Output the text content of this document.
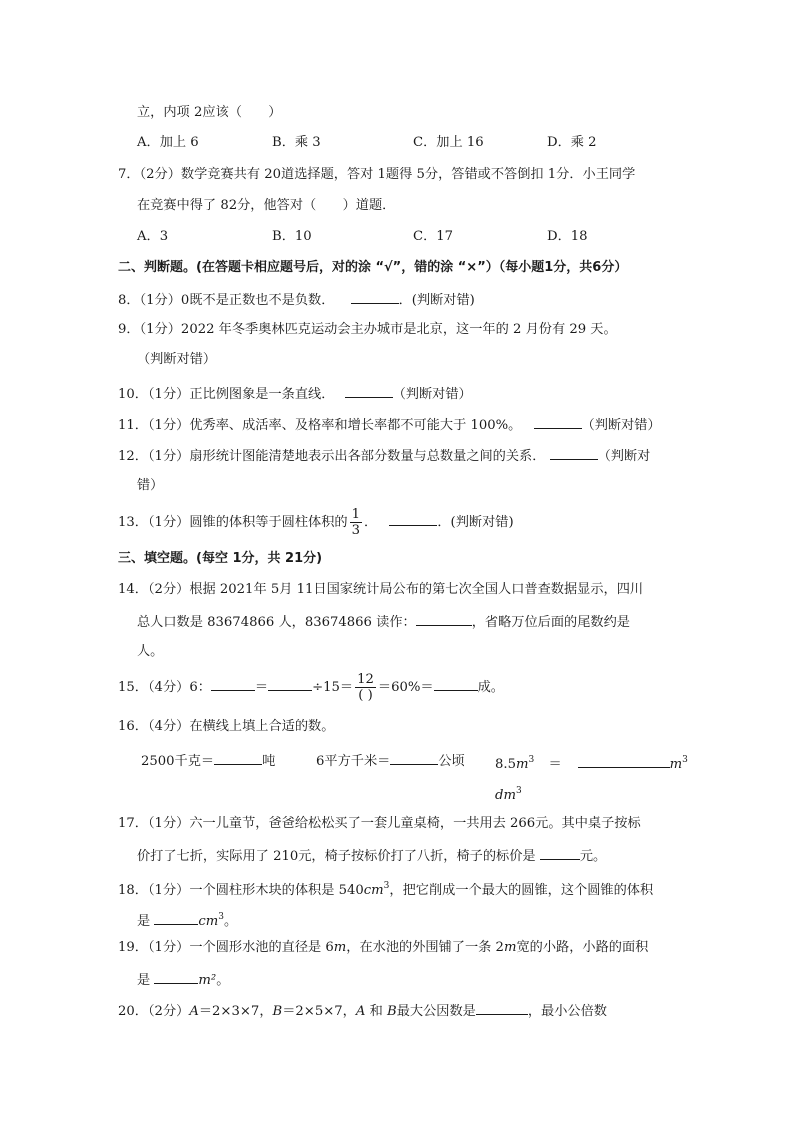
立，内项 2应该（　　）
A．加上 6	B．乘 3	C．加上 16	D．乘 2
7．（2分）数学竞赛共有 20道选择题，答对 1题得 5分，答错或不答倒扣 1分．小王同学
在竞赛中得了 82分，他答对（　　）道题．
A．3	B．10	C．17	D．18
二、判断题。(在答题卡相应题号后，对的涂 “√”，错的涂 “×”）（每小题1分，共6分）
8．（1分）0既不是正数也不是负数．	．(判断对错)
9．（1分）2022 年冬季奥林匹克运动会主办城市是北京，这一年的 2 月份有 29 天。
（判断对错）
10．（1分）正比例图象是一条直线．	（判断对错）
11．（1分）优秀率、成活率、及格率和增长率都不可能大于 100%。	（判断对错）
12．（1分）扇形统计图能清楚地表示出各部分数量与总数量之间的关系．	（判断对
错）
13．（1分）圆锥的体积等于圆柱体积的 $\frac{1}{3}$ ．	．(判断对错)
三、填空题。(每空 1分，共 21分)
14．（2分）根据 2021年 5月 11日国家统计局公布的第七次全国人口普查数据显示，四川
总人口数是 83674866 人，83674866 读作：	，省略万位后面的尾数约是
人。
15．（4分）6：	＝	$\div 15= \frac{12}{( )} =60\%=$	成。
16．（4分）在横线上填上合适的数。
2500千克＝	吨	6平方千米＝	公顷 $8.5m^3$ ＝	$m^3$
$dm^3$
17．（1分）六一儿童节，爸爸给松松买了一套儿童桌椅，一共用去 266元。其中桌子按标
价打了七折，实际用了 210元，椅子按标价打了八折，椅子的标价是	元。
18．（1分）一个圆柱形木块的体积是 $540cm^3$，把它削成一个最大的圆锥，这个圆锥的体积
是	$cm^3$。
19．（1分）一个圆形水池的直径是 6m，在水池的外围铺了一条 2m宽的小路，小路的面积
是	m²。
20．（2分）A＝2×3×7，B＝2×5×7，A 和 B最大公因数是	，最小公倍数
